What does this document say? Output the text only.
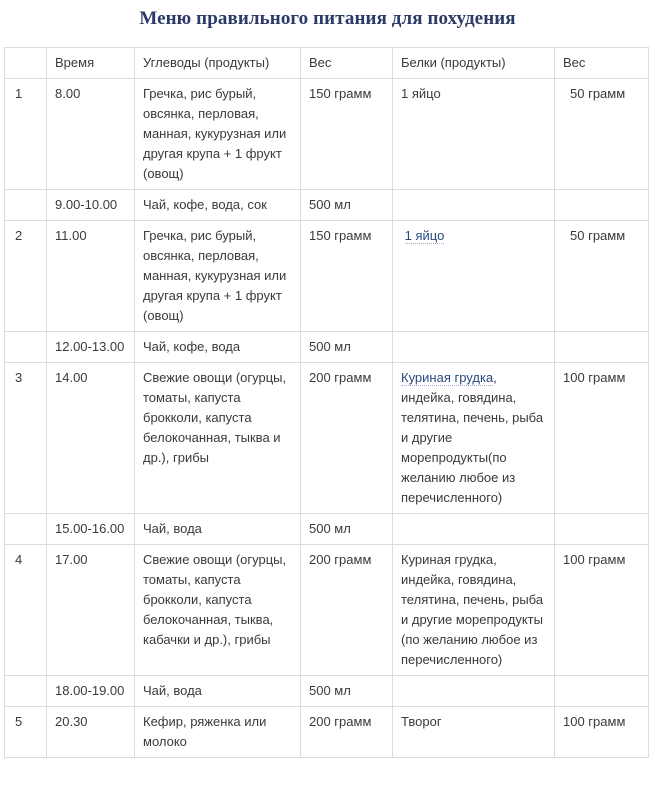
Меню правильного питания для похудения
	Время	Углеводы (продукты)	Вес	Белки (продукты)	Вес
1	8.00	Гречка, рис бурый, овсянка, перловая, манная, кукурузная или другая крупа + 1 фрукт (овощ)	150 грамм	1 яйцо	50 грамм
	9.00-10.00	Чай, кофе, вода, сок	500 мл		
2	11.00	Гречка, рис бурый, овсянка, перловая, манная, кукурузная или другая крупа + 1 фрукт (овощ)	150 грамм	1 яйцо	50 грамм
	12.00-13.00	Чай, кофе, вода	500 мл		
3	14.00	Свежие овощи (огурцы, томаты, капуста брокколи, капуста белокочанная, тыква и др.), грибы	200 грамм	Куриная грудка, индейка, говядина, телятина, печень, рыба и другие морепродукты(по желанию любое из перечисленного)	100 грамм
	15.00-16.00	Чай, вода	500 мл		
4	17.00	Свежие овощи (огурцы, томаты, капуста брокколи, капуста белокочанная, тыква, кабачки и др.), грибы	200 грамм	Куриная грудка, индейка, говядина, телятина, печень, рыба и другие морепродукты (по желанию любое из перечисленного)	100 грамм
	18.00-19.00	Чай, вода	500 мл		
5	20.30	Кефир, ряженка или молоко	200 грамм	Творог	100 грамм
